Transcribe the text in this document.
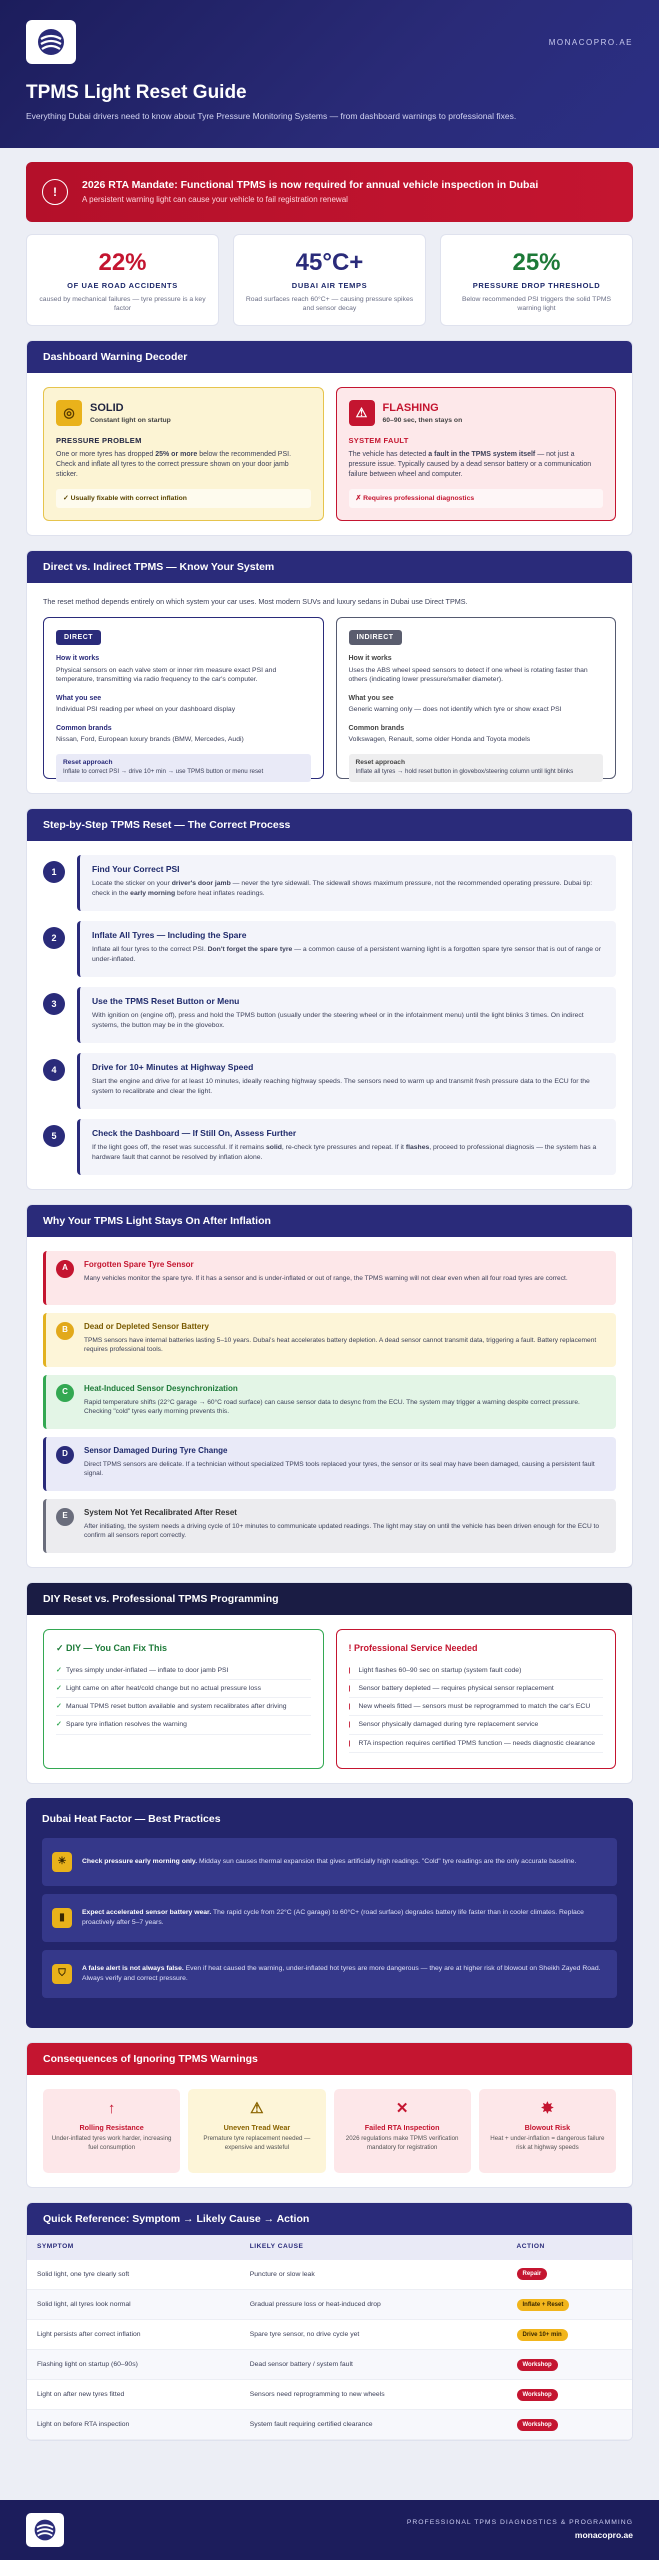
MONACOPRO.AE
TPMS Light Reset Guide
Everything Dubai drivers need to know about Tyre Pressure Monitoring Systems — from dashboard warnings to professional fixes.
!	2026 RTA Mandate: Functional TPMS is now required for annual vehicle inspection in Dubai
A persistent warning light can cause your vehicle to fail registration renewal
22%
OF UAE ROAD ACCIDENTS
caused by mechanical failures — tyre pressure is a key factor
45°C+
DUBAI AIR TEMPS
Road surfaces reach 60°C+ — causing pressure spikes and sensor decay
25%
PRESSURE DROP THRESHOLD
Below recommended PSI triggers the solid TPMS warning light
Dashboard Warning Decoder
◎	SOLID
Constant light on startup
PRESSURE PROBLEM
One or more tyres has dropped 25% or more below the recommended PSI. Check and inflate all tyres to the correct pressure shown on your door jamb sticker.
✓ Usually fixable with correct inflation
⚠	FLASHING
60–90 sec, then stays on
SYSTEM FAULT
The vehicle has detected a fault in the TPMS system itself — not just a pressure issue. Typically caused by a dead sensor battery or a communication failure between wheel and computer.
✗ Requires professional diagnostics
Direct vs. Indirect TPMS — Know Your System
The reset method depends entirely on which system your car uses. Most modern SUVs and luxury sedans in Dubai use Direct TPMS.
DIRECT
How it works
Physical sensors on each valve stem or inner rim measure exact PSI and temperature, transmitting via radio frequency to the car's computer.
What you see
Individual PSI reading per wheel on your dashboard display
Common brands
Nissan, Ford, European luxury brands (BMW, Mercedes, Audi)
Reset approach
Inflate to correct PSI → drive 10+ min → use TPMS button or menu reset
INDIRECT
How it works
Uses the ABS wheel speed sensors to detect if one wheel is rotating faster than others (indicating lower pressure/smaller diameter).
What you see
Generic warning only — does not identify which tyre or show exact PSI
Common brands
Volkswagen, Renault, some older Honda and Toyota models
Reset approach
Inflate all tyres → hold reset button in glovebox/steering column until light blinks
Step-by-Step TPMS Reset — The Correct Process
1	Find Your Correct PSI
Locate the sticker on your driver's door jamb — never the tyre sidewall. The sidewall shows maximum pressure, not the recommended operating pressure. Dubai tip: check in the early morning before heat inflates readings.
2	Inflate All Tyres — Including the Spare
Inflate all four tyres to the correct PSI. Don't forget the spare tyre — a common cause of a persistent warning light is a forgotten spare tyre sensor that is out of range or under-inflated.
3	Use the TPMS Reset Button or Menu
With ignition on (engine off), press and hold the TPMS button (usually under the steering wheel or in the infotainment menu) until the light blinks 3 times. On indirect systems, the button may be in the glovebox.
4	Drive for 10+ Minutes at Highway Speed
Start the engine and drive for at least 10 minutes, ideally reaching highway speeds. The sensors need to warm up and transmit fresh pressure data to the ECU for the system to recalibrate and clear the light.
5	Check the Dashboard — If Still On, Assess Further
If the light goes off, the reset was successful. If it remains solid, re-check tyre pressures and repeat. If it flashes, proceed to professional diagnosis — the system has a hardware fault that cannot be resolved by inflation alone.
Why Your TPMS Light Stays On After Inflation
A	Forgotten Spare Tyre Sensor
Many vehicles monitor the spare tyre. If it has a sensor and is under-inflated or out of range, the TPMS warning will not clear even when all four road tyres are correct.
B	Dead or Depleted Sensor Battery
TPMS sensors have internal batteries lasting 5–10 years. Dubai's heat accelerates battery depletion. A dead sensor cannot transmit data, triggering a fault. Battery replacement requires professional tools.
C	Heat-Induced Sensor Desynchronization
Rapid temperature shifts (22°C garage → 60°C road surface) can cause sensor data to desync from the ECU. The system may trigger a warning despite correct pressure. Checking "cold" tyres early morning prevents this.
D	Sensor Damaged During Tyre Change
Direct TPMS sensors are delicate. If a technician without specialized TPMS tools replaced your tyres, the sensor or its seal may have been damaged, causing a persistent fault signal.
E	System Not Yet Recalibrated After Reset
After initiating, the system needs a driving cycle of 10+ minutes to communicate updated readings. The light may stay on until the vehicle has been driven enough for the ECU to confirm all sensors report correctly.
DIY Reset vs. Professional TPMS Programming
✓ DIY — You Can Fix This
✓ Tyres simply under-inflated — inflate to door jamb PSI
✓ Light came on after heat/cold change but no actual pressure loss
✓ Manual TPMS reset button available and system recalibrates after driving
✓ Spare tyre inflation resolves the warning
! Professional Service Needed
|	Light flashes 60–90 sec on startup (system fault code)
|	Sensor battery depleted — requires physical sensor replacement
|	New wheels fitted — sensors must be reprogrammed to match the car's ECU
|	Sensor physically damaged during tyre replacement service
|	RTA inspection requires certified TPMS function — needs diagnostic clearance
Dubai Heat Factor — Best Practices
☀	Check pressure early morning only. Midday sun causes thermal expansion that gives artificially high readings. "Cold" tyre readings are the only accurate baseline.
▮	Expect accelerated sensor battery wear. The rapid cycle from 22°C (AC garage) to 60°C+ (road surface) degrades battery life faster than in cooler climates. Replace proactively after 5–7 years.
⛉	A false alert is not always false. Even if heat caused the warning, under-inflated hot tyres are more dangerous — they are at higher risk of blowout on Sheikh Zayed Road. Always verify and correct pressure.
Consequences of Ignoring TPMS Warnings
↑
Rolling Resistance
Under-inflated tyres work harder, increasing fuel consumption
⚠
Uneven Tread Wear
Premature tyre replacement needed — expensive and wasteful
✕
Failed RTA Inspection
2026 regulations make TPMS verification mandatory for registration
✸
Blowout Risk
Heat + under-inflation = dangerous failure risk at highway speeds
Quick Reference: Symptom → Likely Cause → Action
SYMPTOM	LIKELY CAUSE	ACTION
Solid light, one tyre clearly soft	Puncture or slow leak	Repair
Solid light, all tyres look normal	Gradual pressure loss or heat-induced drop	Inflate + Reset
Light persists after correct inflation	Spare tyre sensor, no drive cycle yet	Drive 10+ min
Flashing light on startup (60–90s)	Dead sensor battery / system fault	Workshop
Light on after new tyres fitted	Sensors need reprogramming to new wheels	Workshop
Light on before RTA inspection	System fault requiring certified clearance	Workshop
PROFESSIONAL TPMS DIAGNOSTICS & PROGRAMMING
monacopro.ae
